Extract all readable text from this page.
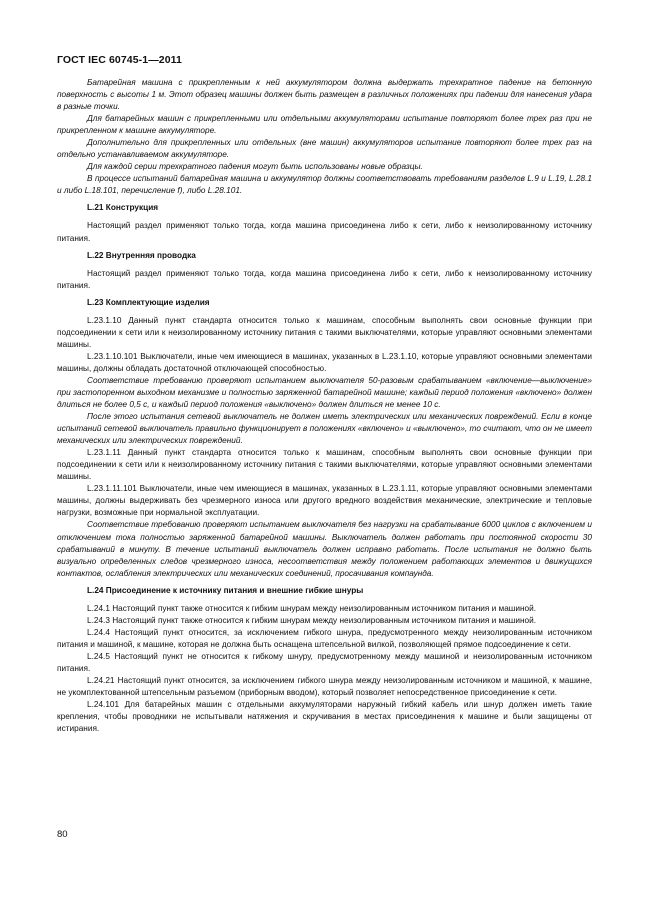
ГОСТ IEC 60745-1—2011

Батарейная машина с прикрепленным к ней аккумулятором должна выдержать трехкратное падение на бетонную поверхность с высоты 1 м. Этот образец машины должен быть размещен в различных положениях при падении для нанесения удара в разные точки.

Для батарейных машин с прикрепленными или отдельными аккумуляторами испытание повторяют более трех раз при не прикрепленном к машине аккумуляторе.

Дополнительно для прикрепленных или отдельных (вне машин) аккумуляторов испытание повторяют более трех раз на отдельно устанавливаемом аккумуляторе.

Для каждой серии трехкратного падения могут быть использованы новые образцы.

В процессе испытаний батарейная машина и аккумулятор должны соответствовать требованиям разделов L.9 и L.19, L.28.1 и либо L.18.101, перечисление f), либо L.28.101.

L.21 Конструкция

Настоящий раздел применяют только тогда, когда машина присоединена либо к сети, либо к неизолированному источнику питания.

L.22 Внутренняя проводка

Настоящий раздел применяют только тогда, когда машина присоединена либо к сети, либо к неизолированному источнику питания.

L.23 Комплектующие изделия

L.23.1.10 Данный пункт стандарта относится только к машинам, способным выполнять свои основные функции при подсоединении к сети или к неизолированному источнику питания с такими выключателями, которые управляют основными элементами машины.

L.23.1.10.101 Выключатели, иные чем имеющиеся в машинах, указанных в L.23.1.10, которые управляют основными элементами машины, должны обладать достаточной отключающей способностью.

Соответствие требованию проверяют испытанием выключателя 50-разовым срабатыванием «включение—выключение» при застопоренном выходном механизме и полностью заряженной батарейной машине; каждый период положения «включено» должен длиться не более 0,5 с, и каждый период положения «выключено» должен длиться не менее 10 с.

После этого испытания сетевой выключатель не должен иметь электрических или механических повреждений. Если в конце испытаний сетевой выключатель правильно функционирует в положениях «включено» и «выключено», то считают, что он не имеет механических или электрических повреждений.

L.23.1.11 Данный пункт стандарта относится только к машинам, способным выполнять свои основные функции при подсоединении к сети или к неизолированному источнику питания с такими выключателями, которые управляют основными элементами машины.

L.23.1.11.101 Выключатели, иные чем имеющиеся в машинах, указанных в L.23.1.11, которые управляют основными элементами машины, должны выдерживать без чрезмерного износа или другого вредного воздействия механические, электрические и тепловые нагрузки, возможные при нормальной эксплуатации.

Соответствие требованию проверяют испытанием выключателя без нагрузки на срабатывание 6000 циклов с включением и отключением тока полностью заряженной батарейной машины. Выключатель должен работать при постоянной скорости 30 срабатываний в минуту. В течение испытаний выключатель должен исправно работать. После испытания не должно быть визуально определенных следов чрезмерного износа, несоответствия между положением работающих элементов и движущихся контактов, ослабления электрических или механических соединений, просачивания компаунда.

L.24 Присоединение к источнику питания и внешние гибкие шнуры

L.24.1 Настоящий пункт также относится к гибким шнурам между неизолированным источником питания и машиной.

L.24.3 Настоящий пункт также относится к гибким шнурам между неизолированным источником питания и машиной.

L.24.4 Настоящий пункт относится, за исключением гибкого шнура, предусмотренного между неизолированным источником питания и машиной, к машине, которая не должна быть оснащена штепсельной вилкой, позволяющей прямое подсоединение к сети.

L.24.5 Настоящий пункт не относится к гибкому шнуру, предусмотренному между машиной и неизолированным источником питания.

L.24.21 Настоящий пункт относится, за исключением гибкого шнура между неизолированным источником и машиной, к машине, не укомплектованной штепсельным разъемом (приборным вводом), который позволяет непосредственное присоединение к сети.

L.24.101 Для батарейных машин с отдельными аккумуляторами наружный гибкий кабель или шнур должен иметь такие крепления, чтобы проводники не испытывали натяжения и скручивания в местах присоединения к машине и были защищены от истирания.

80
